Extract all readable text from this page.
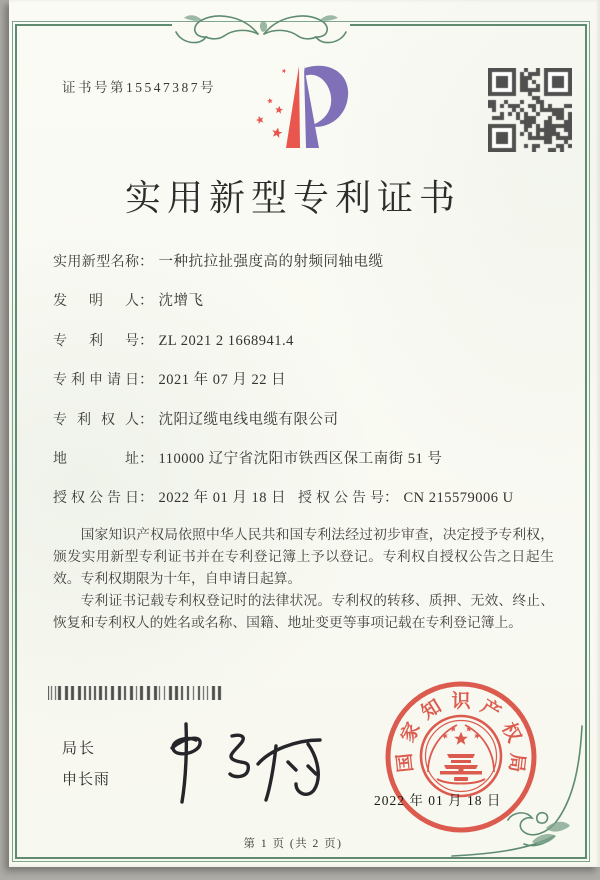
证书号第15547387号
实用新型专利证书
实用新型名称 ： 一种抗拉扯强度高的射频同轴电缆
发明人 ： 沈增飞
专利号 ： ZL 2021 2 1668941.4
专利申请日 ： 2021 年 07 月 22 日
专利权人 ： 沈阳辽缆电线电缆有限公司
地址 ： 110000 辽宁省沈阳市铁西区保工南街 51 号
授权公告日 ： 2022 年 01 月 18 日 授权公告号 ： CN 215579006 U

国家知识产权局依照中华人民共和国专利法经过初步审查，决定授予专利权，颁发实用新型专利证书并在专利登记簿上予以登记。专利权自授权公告之日起生效。专利权期限为十年，自申请日起算。

专利证书记载专利权登记时的法律状况。专利权的转移、质押、无效、终止、恢复和专利权人的姓名或名称、国籍、地址变更等事项记载在专利登记簿上。

局长
申长雨
国
家
知 识 产
权
局
2022 年 01 月 18 日
第 1 页 (共 2 页)
